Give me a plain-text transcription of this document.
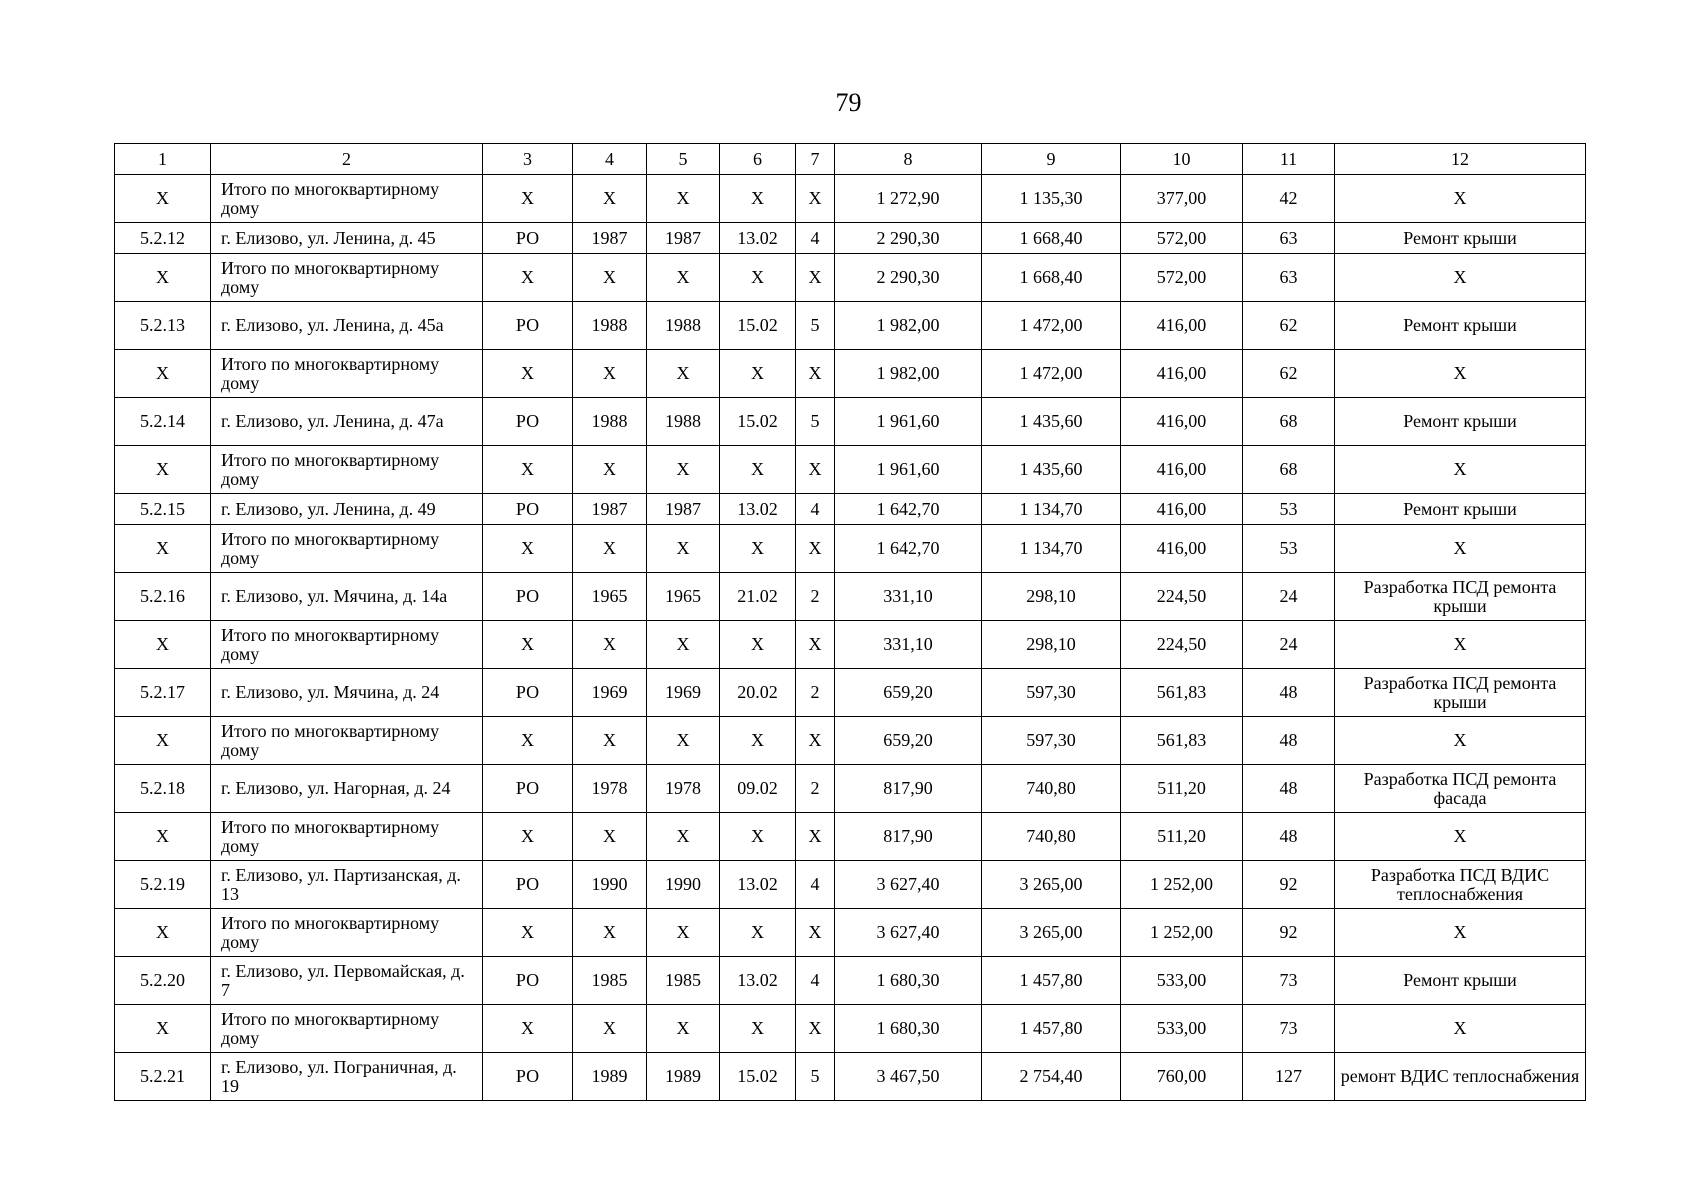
79
1	2	3	4	5	6	7	8	9	10	11	12
Х	Итого по многоквартирному дому	Х	Х	Х	Х	Х	1 272,90	1 135,30	377,00	42	Х
5.2.12	г. Елизово, ул. Ленина, д. 45	РО	1987	1987	13.02	4	2 290,30	1 668,40	572,00	63	Ремонт крыши
Х	Итого по многоквартирному дому	Х	Х	Х	Х	Х	2 290,30	1 668,40	572,00	63	Х
5.2.13	г. Елизово, ул. Ленина, д. 45а	РО	1988	1988	15.02	5	1 982,00	1 472,00	416,00	62	Ремонт крыши
Х	Итого по многоквартирному дому	Х	Х	Х	Х	Х	1 982,00	1 472,00	416,00	62	Х
5.2.14	г. Елизово, ул. Ленина, д. 47а	РО	1988	1988	15.02	5	1 961,60	1 435,60	416,00	68	Ремонт крыши
Х	Итого по многоквартирному дому	Х	Х	Х	Х	Х	1 961,60	1 435,60	416,00	68	Х
5.2.15	г. Елизово, ул. Ленина, д. 49	РО	1987	1987	13.02	4	1 642,70	1 134,70	416,00	53	Ремонт крыши
Х	Итого по многоквартирному дому	Х	Х	Х	Х	Х	1 642,70	1 134,70	416,00	53	Х
5.2.16	г. Елизово, ул. Мячина, д. 14а	РО	1965	1965	21.02	2	331,10	298,10	224,50	24	Разработка ПСД ремонта крыши
Х	Итого по многоквартирному дому	Х	Х	Х	Х	Х	331,10	298,10	224,50	24	Х
5.2.17	г. Елизово, ул. Мячина, д. 24	РО	1969	1969	20.02	2	659,20	597,30	561,83	48	Разработка ПСД ремонта крыши
Х	Итого по многоквартирному дому	Х	Х	Х	Х	Х	659,20	597,30	561,83	48	Х
5.2.18	г. Елизово, ул. Нагорная, д. 24	РО	1978	1978	09.02	2	817,90	740,80	511,20	48	Разработка ПСД ремонта фасада
Х	Итого по многоквартирному дому	Х	Х	Х	Х	Х	817,90	740,80	511,20	48	Х
5.2.19	г. Елизово, ул. Партизанская, д. 13	РО	1990	1990	13.02	4	3 627,40	3 265,00	1 252,00	92	Разработка ПСД ВДИС теплоснабжения
Х	Итого по многоквартирному дому	Х	Х	Х	Х	Х	3 627,40	3 265,00	1 252,00	92	Х
5.2.20	г. Елизово, ул. Первомайская, д. 7	РО	1985	1985	13.02	4	1 680,30	1 457,80	533,00	73	Ремонт крыши
Х	Итого по многоквартирному дому	Х	Х	Х	Х	Х	1 680,30	1 457,80	533,00	73	Х
5.2.21	г. Елизово, ул. Пограничная, д. 19	РО	1989	1989	15.02	5	3 467,50	2 754,40	760,00	127	ремонт ВДИС теплоснабжения
